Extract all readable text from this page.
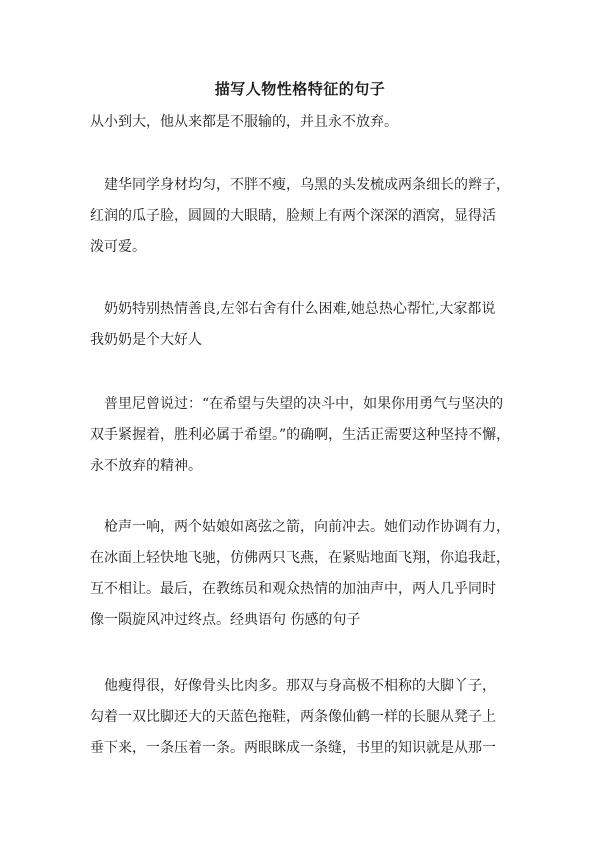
描写人物性格特征的句子

从小到大，他从来都是不服输的，并且永不放弃。

　建华同学身材均匀，不胖不瘦，乌黑的头发梳成两条细长的辫子，
红润的瓜子脸，圆圆的大眼睛，脸颊上有两个深深的酒窝，显得活
泼可爱。

　奶奶特别热情善良,左邻右舍有什么困难,她总热心帮忙,大家都说
我奶奶是个大好人

　普里尼曾说过：“在希望与失望的决斗中，如果你用勇气与坚决的
双手紧握着，胜利必属于希望。”的确啊，生活正需要这种坚持不懈，
永不放弃的精神。

　枪声一响，两个姑娘如离弦之箭，向前冲去。她们动作协调有力，
在冰面上轻快地飞驰，仿佛两只飞燕，在紧贴地面飞翔，你追我赶，
互不相让。最后，在教练员和观众热情的加油声中，两人几乎同时
像一陨旋风冲过终点。经典语句 伤感的句子

　他瘦得很，好像骨头比肉多。那双与身高极不相称的大脚丫子，
勾着一双比脚还大的天蓝色拖鞋，两条像仙鹤一样的长腿从凳子上
垂下来，一条压着一条。两眼眯成一条缝，书里的知识就是从那一
